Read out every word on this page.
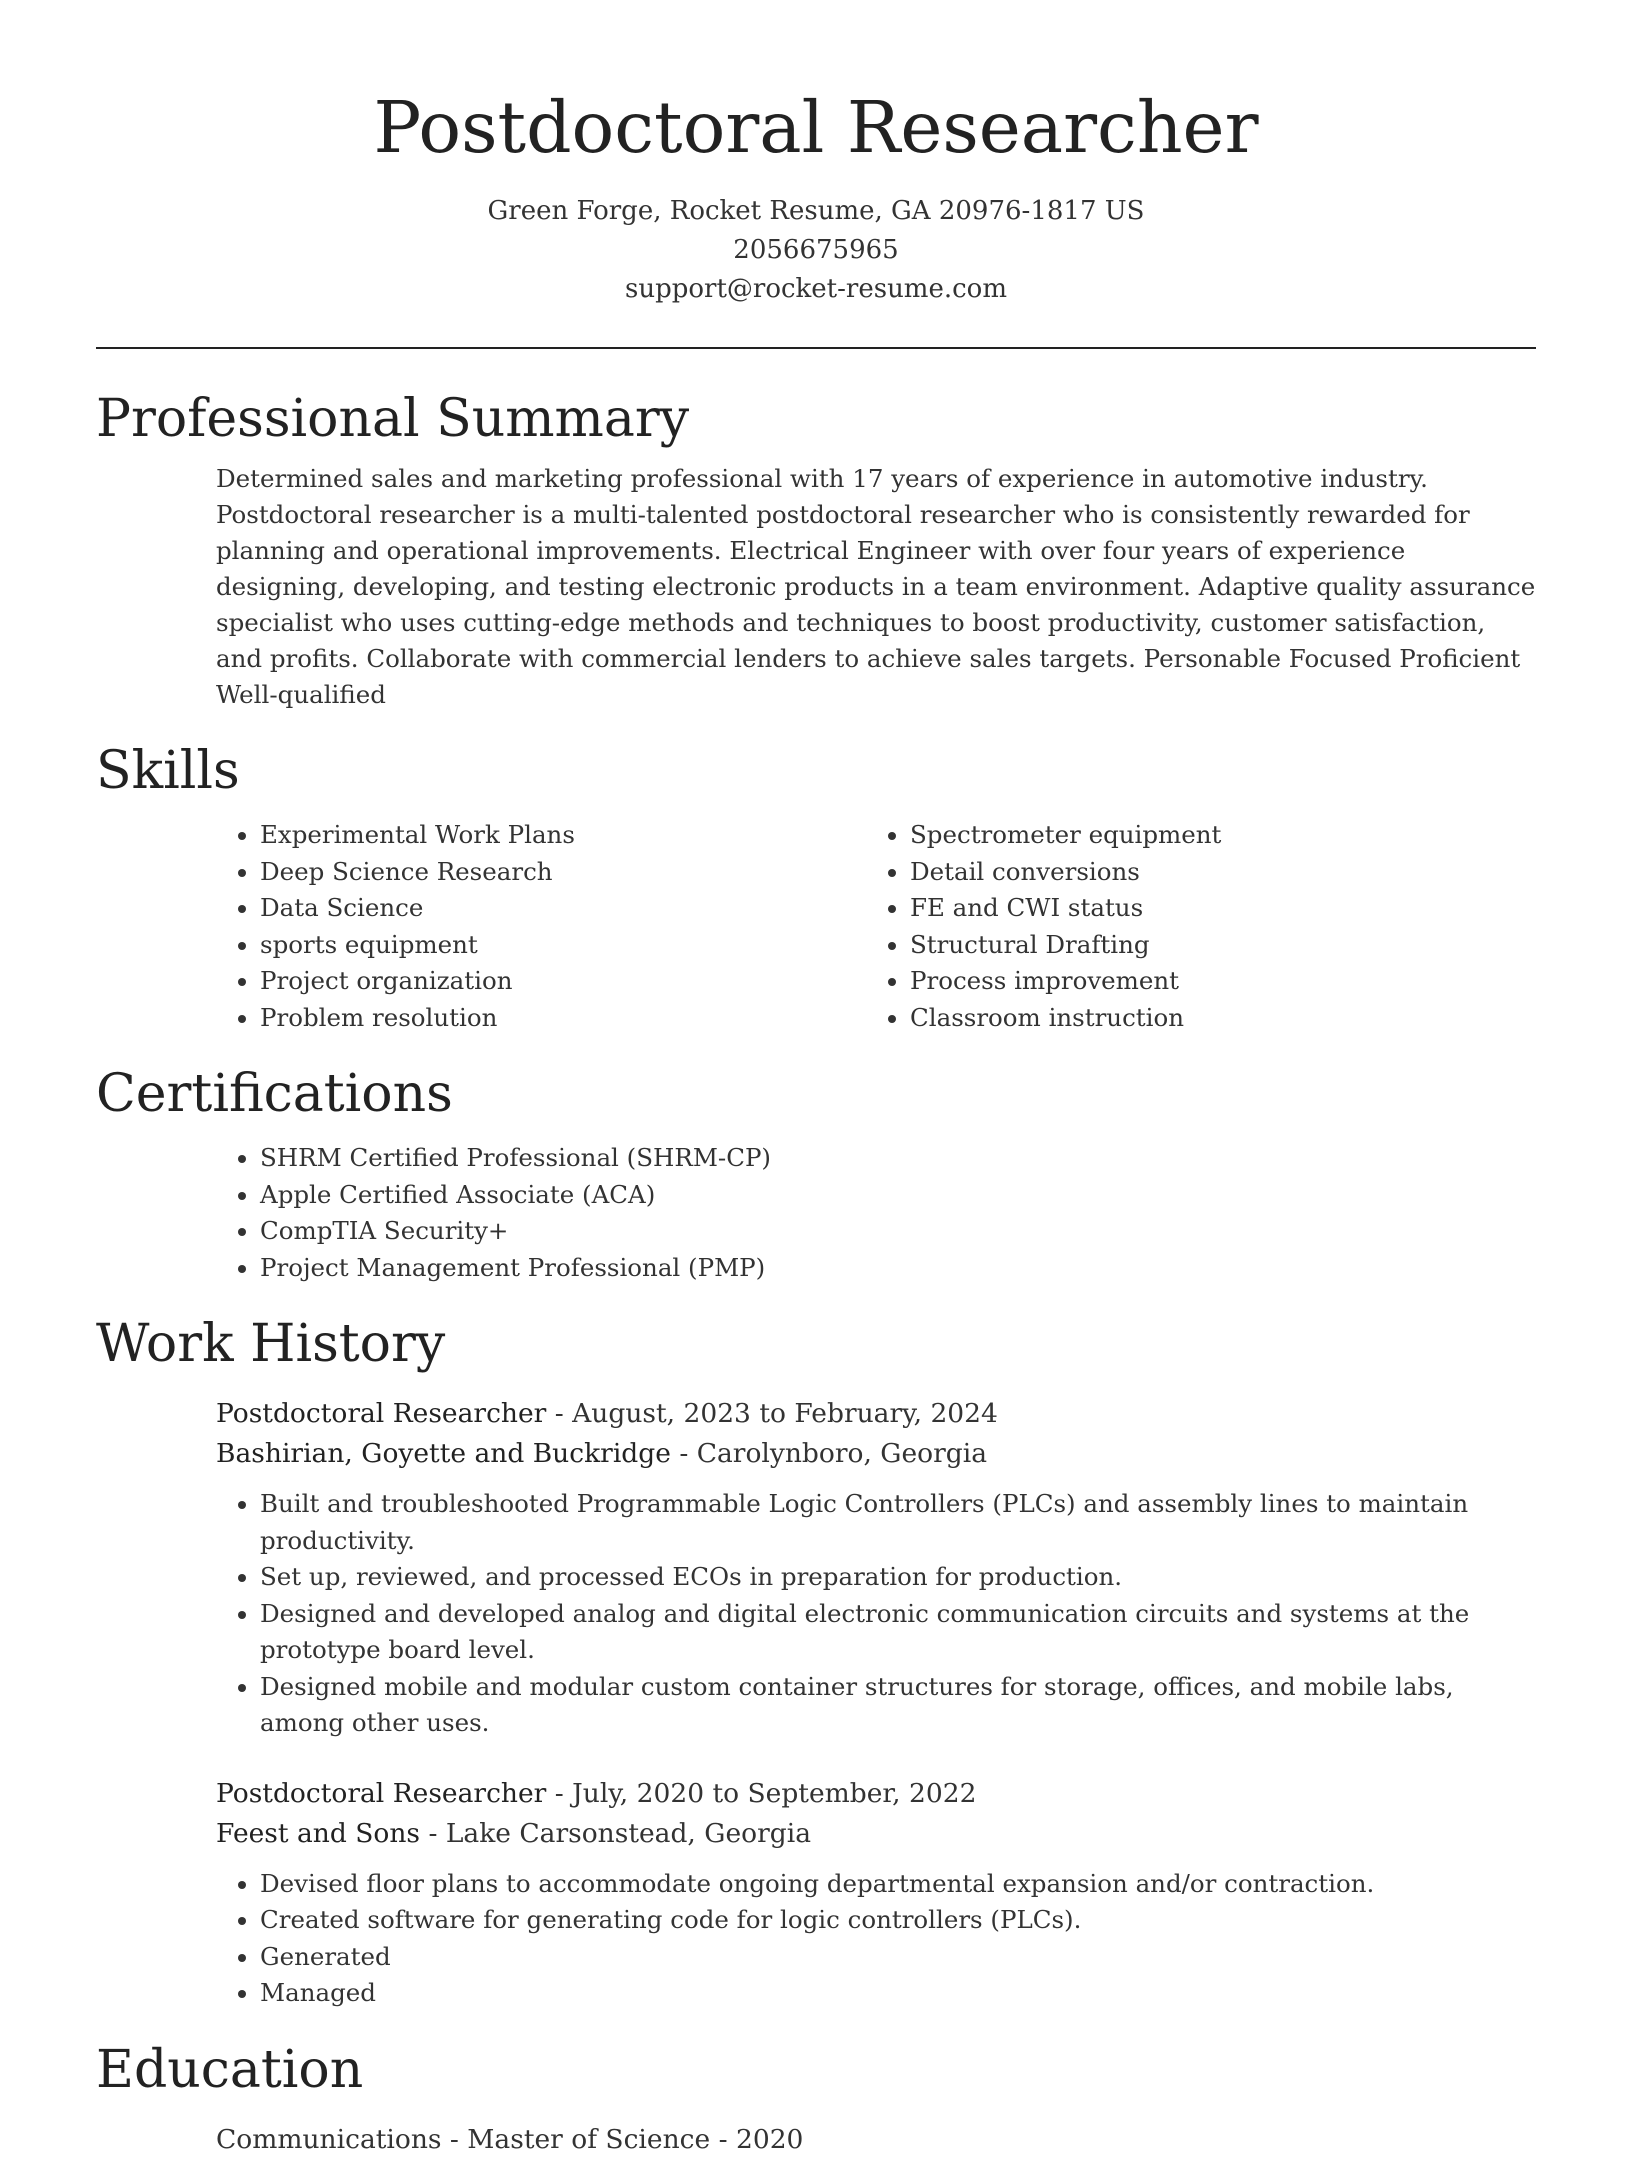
Postdoctoral Researcher
Green Forge, Rocket Resume, GA 20976-1817 US
2056675965
support@rocket-resume.com
Professional Summary

Determined sales and marketing professional with 17 years of experience in automotive industry. Postdoctoral researcher is a multi-talented postdoctoral researcher who is consistently rewarded for planning and operational improvements. Electrical Engineer with over four years of experience designing, developing, and testing electronic products in a team environment. Adaptive quality assurance specialist who uses cutting-edge methods and techniques to boost productivity, customer satisfaction, and profits. Collaborate with commercial lenders to achieve sales targets. Personable Focused Proficient Well-qualified

Skills
• Experimental Work Plans
• Deep Science Research
• Data Science
• sports equipment
• Project organization
• Problem resolution
• Spectrometer equipment
• Detail conversions
• FE and CWI status
• Structural Drafting
• Process improvement
• Classroom instruction
Certifications
• SHRM Certified Professional (SHRM-CP)
• Apple Certified Associate (ACA)
• CompTIA Security+
• Project Management Professional (PMP)
Work History
Postdoctoral Researcher - August, 2023 to February, 2024
Bashirian, Goyette and Buckridge - Carolynboro, Georgia
• Built and troubleshooted Programmable Logic Controllers (PLCs) and assembly lines to maintain productivity.
• Set up, reviewed, and processed ECOs in preparation for production.
• Designed and developed analog and digital electronic communication circuits and systems at the prototype board level.
• Designed mobile and modular custom container structures for storage, offices, and mobile labs, among other uses.
Postdoctoral Researcher - July, 2020 to September, 2022
Feest and Sons - Lake Carsonstead, Georgia
• Devised floor plans to accommodate ongoing departmental expansion and/or contraction.
• Created software for generating code for logic controllers (PLCs).
• Generated
• Managed
Education
Communications - Master of Science - 2020
